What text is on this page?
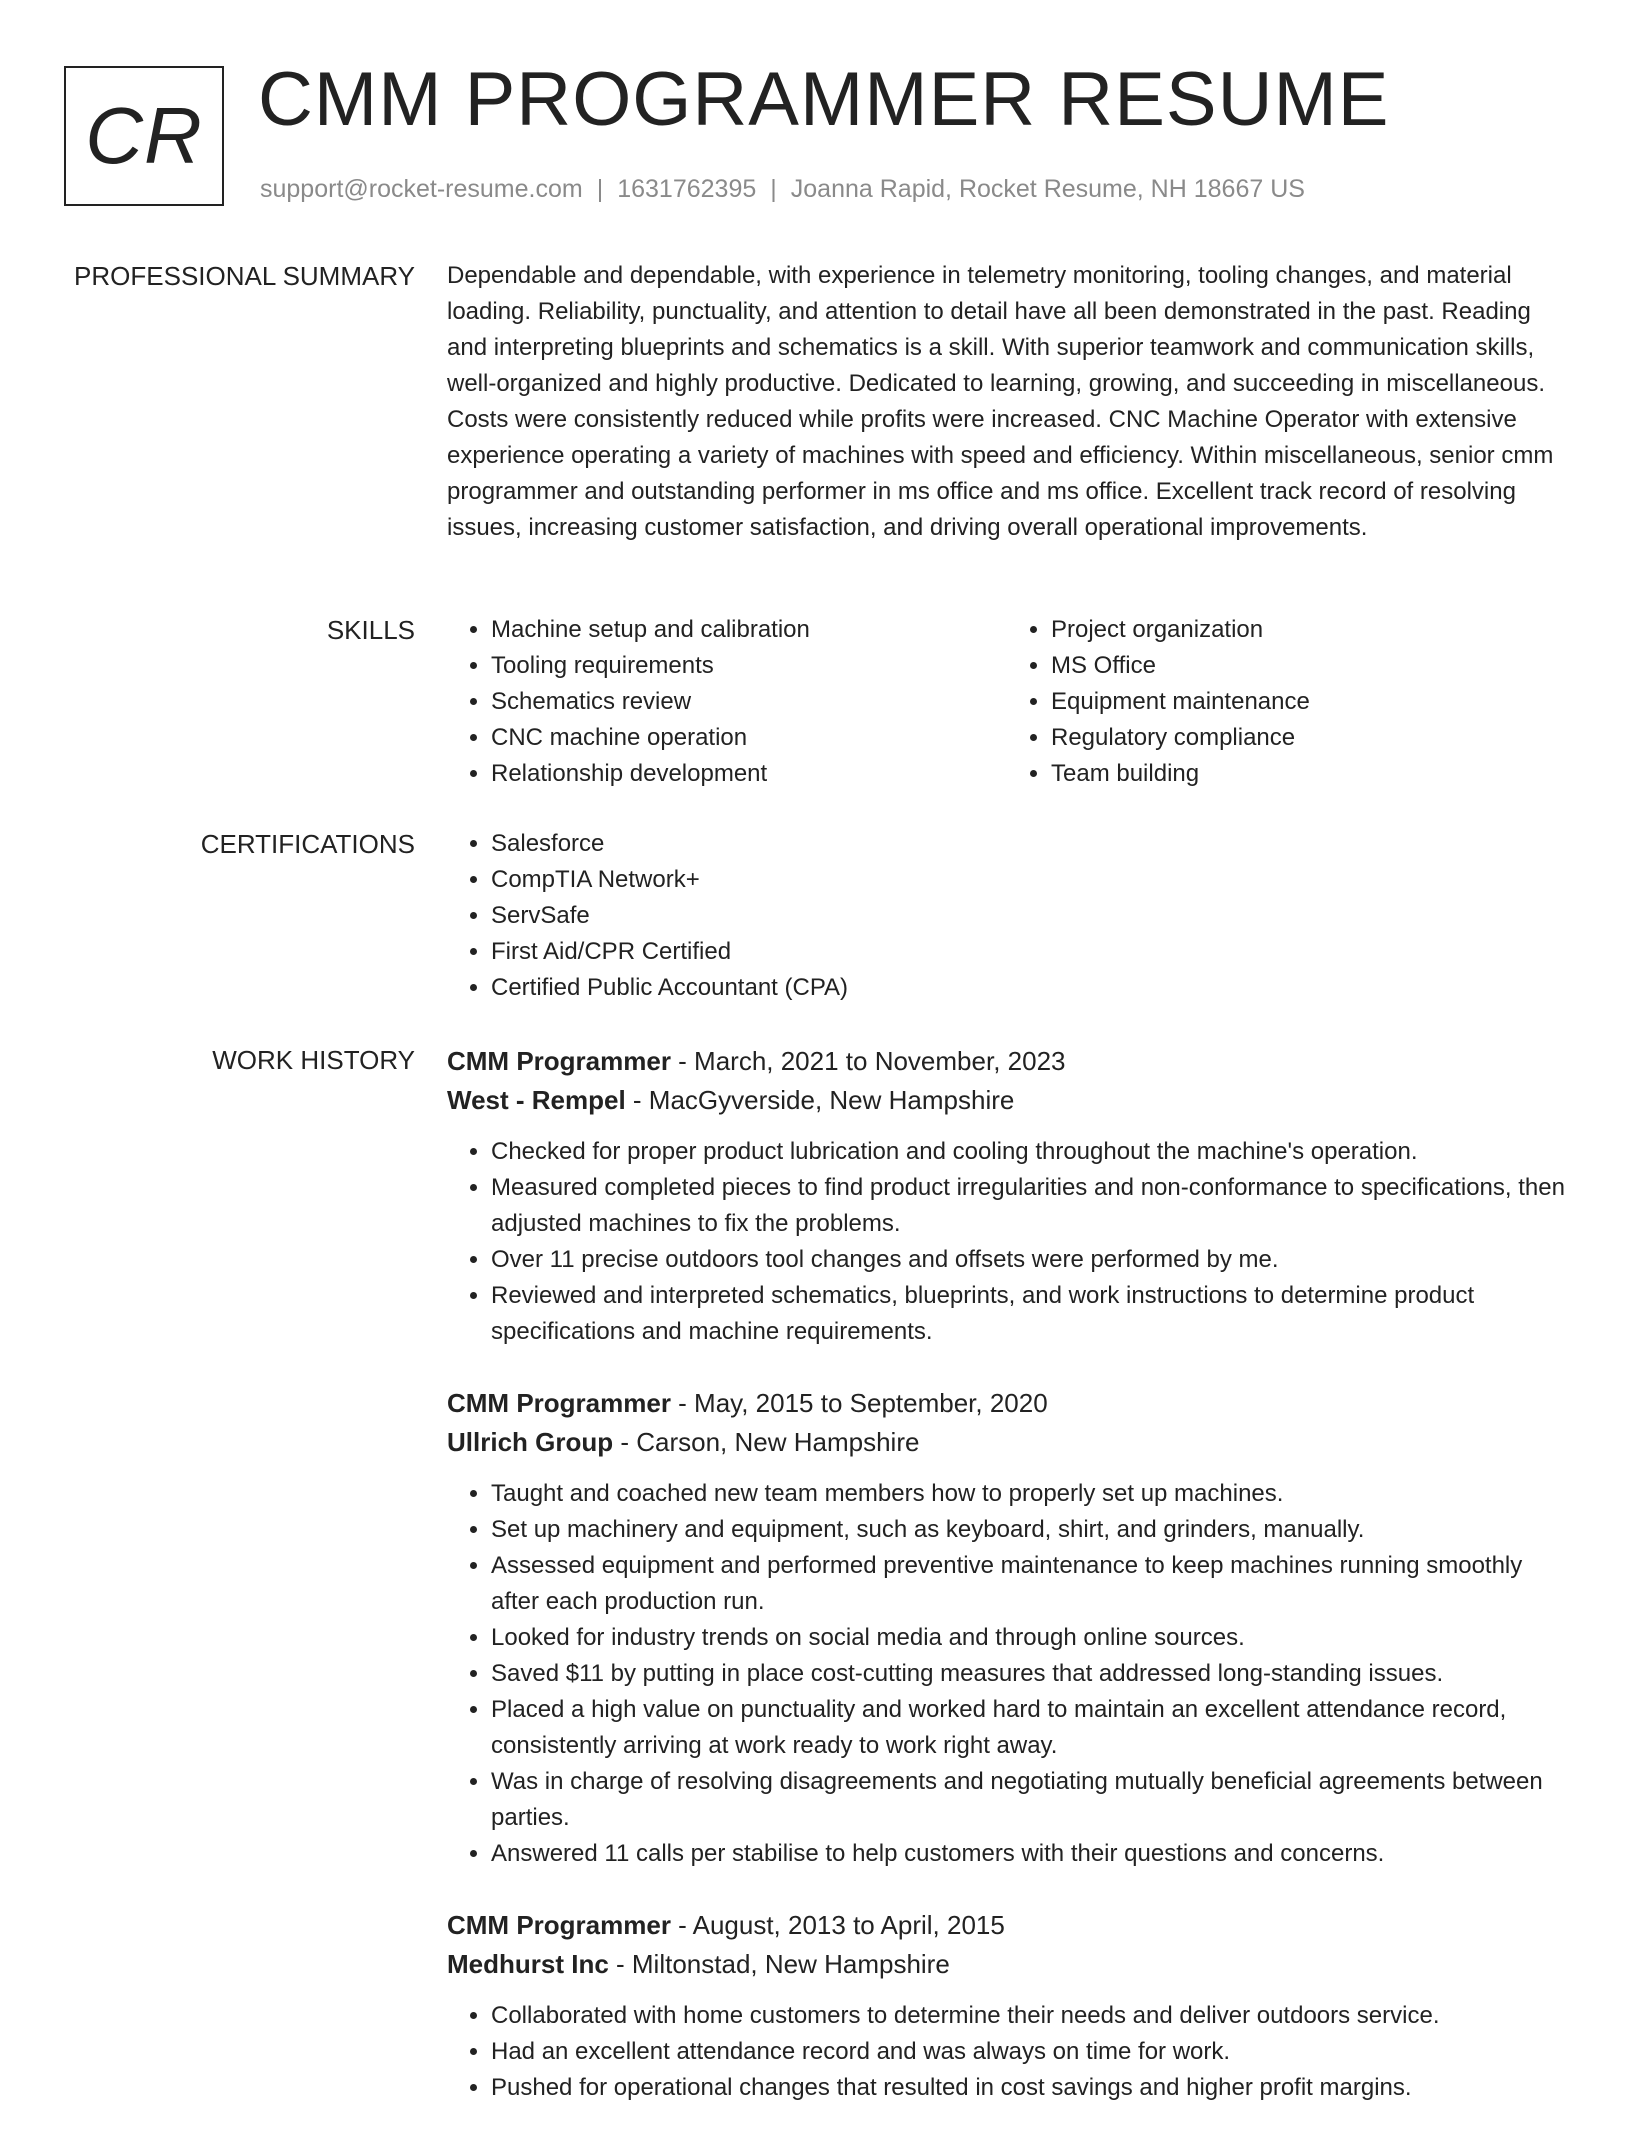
CR CMM PROGRAMMER RESUME
support@rocket-resume.com | 1631762395 | Joanna Rapid, Rocket Resume, NH 18667 US
PROFESSIONAL SUMMARY Dependable and dependable, with experience in telemetry monitoring, tooling changes, and material loading. Reliability, punctuality, and attention to detail have all been demonstrated in the past. Reading and interpreting blueprints and schematics is a skill. With superior teamwork and communication skills, well-organized and highly productive. Dedicated to learning, growing, and succeeding in miscellaneous. Costs were consistently reduced while profits were increased. CNC Machine Operator with extensive experience operating a variety of machines with speed and efficiency. Within miscellaneous, senior cmm programmer and outstanding performer in ms office and ms office. Excellent track record of resolving issues, increasing customer satisfaction, and driving overall operational improvements.
SKILLS	• Machine setup and calibration
• Tooling requirements
• Schematics review
• CNC machine operation
• Relationship development
• Project organization
• MS Office
• Equipment maintenance
• Regulatory compliance
• Team building
CERTIFICATIONS	• Salesforce
• CompTIA Network+
• ServSafe
• First Aid/CPR Certified
• Certified Public Accountant (CPA)
WORK HISTORY CMM Programmer - March, 2021 to November, 2023
West - Rempel - MacGyverside, New Hampshire
• Checked for proper product lubrication and cooling throughout the machine's operation.
• Measured completed pieces to find product irregularities and non-conformance to specifications, then adjusted machines to fix the problems.
• Over 11 precise outdoors tool changes and offsets were performed by me.
• Reviewed and interpreted schematics, blueprints, and work instructions to determine product specifications and machine requirements.
CMM Programmer - May, 2015 to September, 2020
Ullrich Group - Carson, New Hampshire
• Taught and coached new team members how to properly set up machines.
• Set up machinery and equipment, such as keyboard, shirt, and grinders, manually.
• Assessed equipment and performed preventive maintenance to keep machines running smoothly after each production run.
• Looked for industry trends on social media and through online sources.
• Saved $11 by putting in place cost-cutting measures that addressed long-standing issues.
• Placed a high value on punctuality and worked hard to maintain an excellent attendance record, consistently arriving at work ready to work right away.
• Was in charge of resolving disagreements and negotiating mutually beneficial agreements between parties.
• Answered 11 calls per stabilise to help customers with their questions and concerns.
CMM Programmer - August, 2013 to April, 2015
Medhurst Inc - Miltonstad, New Hampshire
• Collaborated with home customers to determine their needs and deliver outdoors service.
• Had an excellent attendance record and was always on time for work.
• Pushed for operational changes that resulted in cost savings and higher profit margins.
